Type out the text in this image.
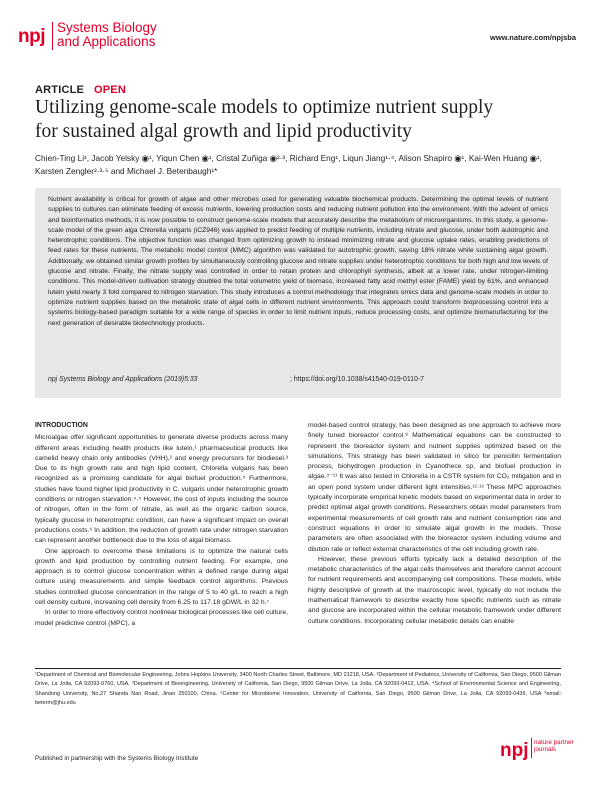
npj Systems Biology
and Applications	www.nature.com/npjsba
ARTICLE OPEN
Utilizing genome-scale models to optimize nutrient supply
for sustained algal growth and lipid productivity
Chien-Ting Li¹, Jacob Yelsky ◉¹, Yiqun Chen ◉¹, Cristal Zuñiga ◉²·³, Richard Eng¹, Liqun Jiang¹·⁴, Alison Shapiro ◉¹, Kai-Wen Huang ◉¹,
Karsten Zengler²·³·⁵ and Michael J. Betenbaugh¹*
Nutrient availability is critical for growth of algae and other microbes used for generating valuable biochemical products. Determining the optimal levels of nutrient supplies to cultures can eliminate feeding of excess nutrients, lowering production costs and reducing nutrient pollution into the environment. With the advent of omics and bioinformatics methods, it is now possible to construct genome-scale models that accurately describe the metabolism of microorganisms. In this study, a genome-scale model of the green alga Chlorella vulgaris (iCZ946) was applied to predict feeding of multiple nutrients, including nitrate and glucose, under both autotrophic and heterotrophic conditions. The objective function was changed from optimizing growth to instead minimizing nitrate and glucose uptake rates, enabling predictions of feed rates for these nutrients. The metabolic model control (MMC) algorithm was validated for autotrophic growth, saving 18% nitrate while sustaining algal growth. Additionally, we obtained similar growth profiles by simultaneously controlling glucose and nitrate supplies under heterotrophic conditions for both high and low levels of glucose and nitrate. Finally, the nitrate supply was controlled in order to retain protein and chlorophyll synthesis, albeit at a lower rate, under nitrogen-limiting conditions. This model-driven cultivation strategy doubled the total volumetric yield of biomass, increased fatty acid methyl ester (FAME) yield by 61%, and enhanced lutein yield nearly 3 fold compared to nitrogen starvation. This study introduces a control methodology that integrates omics data and genome-scale models in order to optimize nutrient supplies based on the metabolic state of algal cells in different nutrient environments. This approach could transform bioprocessing control into a systems biology-based paradigm suitable for a wide range of species in order to limit nutrient inputs, reduce processing costs, and optimize biomanufacturing for the next generation of desirable biotechnology products.
npj Systems Biology and Applications (2019)5:33	; https://doi.org/10.1038/s41540-019-0110-7

INTRODUCTION

Microalgae offer significant opportunities to generate diverse products across many different areas including health products like lutein,¹ pharmaceutical products like camelid heavy chain only antibodies (VHH),² and energy precursors for biodiesel.³ Due to its high growth rate and high lipid content, Chlorella vulgaris has been recognized as a promising candidate for algal biofuel production.⁵ Furthermore, studies have found higher lipid productivity in C. vulgaris under heterotrophic growth conditions or nitrogen starvation.⁴·⁵ However, the cost of inputs including the source of nitrogen, often in the form of nitrate, as well as the organic carbon source, typically glucose in heterotrophic condition, can have a significant impact on overall productions costs.⁶ In addition, the reduction of growth rate under nitrogen starvation can represent another bottleneck due to the loss of algal biomass.

One approach to overcome these limitations is to optimize the natural cells growth and lipid production by controlling nutrient feeding. For example, one approach is to control glucose concentration within a defined range during algal culture using measurements and simple feedback control algorithms. Previous studies controlled glucose concentration in the range of 5 to 40 g/L to reach a high cell density culture, increasing cell density from 6.25 to 117.18 gDW/L in 32 h.⁷

In order to more effectively control nonlinear biological processes like cell culture, model predictive control (MPC), a

model-based control strategy, has been designed as one approach to achieve more finely tuned bioreactor control.⁸ Mathematical equations can be constructed to represent the bioreactor system and nutrient supplies optimized based on the simulations. This strategy has been validated in silico for penicillin fermentation process, biohydrogen production in Cyanothece sp, and biofuel production in algae.⁹⁻¹¹ It was also tested in Chlorella in a CSTR system for CO₂ mitigation and in an open pond system under different light intensities.¹²·¹³ These MPC approaches typically incorporate empirical kinetic models based on experimental data in order to predict optimal algal growth conditions. Researchers obtain model parameters from experimental measurements of cell growth rate and nutrient consumption rate and construct equations in order to simulate algal growth in the models. Those parameters are often associated with the bioreactor system including volume and dilution rate or reflect external characteristics of the cell including growth rate.

However, these previous efforts typically lack a detailed description of the metabolic characteristics of the algal cells themselves and therefore cannot account for nutrient requirements and accompanying cell compositions. These models, while highly descriptive of growth at the macroscopic level, typically do not include the mathematical framework to describe exactly how specific nutrients such as nitrate and glucose are incorporated within the cellular metabolic framework under different culture conditions. Incorporating cellular metabolic details can enable

¹Department of Chemical and Biomolecular Engineering, Johns Hopkins University, 3400 North Charles Street, Baltimore, MD 21218, USA. ²Department of Pediatrics, University of California, San Diego, 9500 Gilman Drive, La Jolla, CA 92093-0760, USA. ³Department of Bioengineering, University of California, San Diego, 9500 Gilman Drive, La Jolla, CA 92093-0412, USA. ⁴School of Environmental Science and Engineering, Shandong University, No.27 Shanda Nan Road, Jinan 250100, China. ⁵Center for Microbiome Innovation, University of California, San Diego, 9500 Gilman Drive, La Jolla, CA 92093-0436, USA *email: beterm@jhu.edu
Published in partnership with the Systems Biology Institute	npj nature partner
journals
